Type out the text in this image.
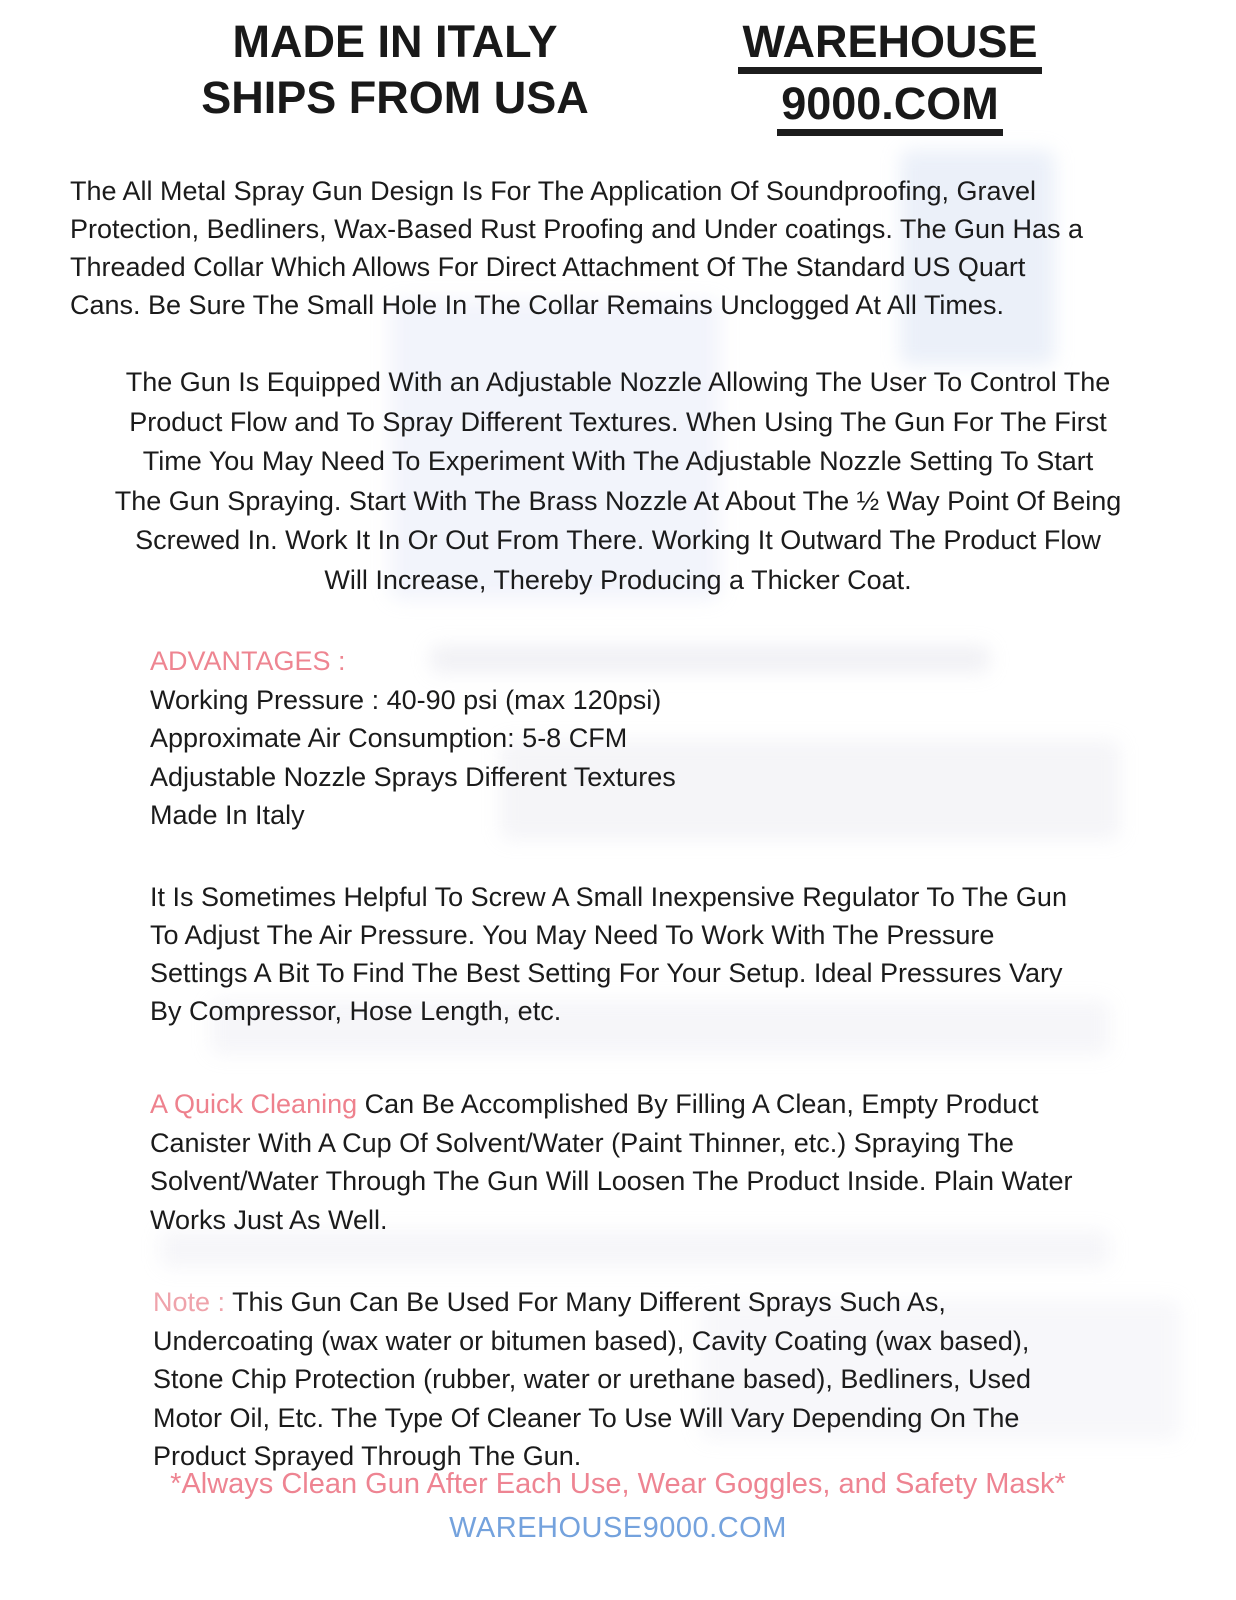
MADE IN ITALY
SHIPS FROM USA
WAREHOUSE
9000.COM
The All Metal Spray Gun Design Is For The Application Of Soundproofing, Gravel
Protection, Bedliners, Wax-Based Rust Proofing and Under coatings. The Gun Has a
Threaded Collar Which Allows For Direct Attachment Of The Standard US Quart
Cans. Be Sure The Small Hole In The Collar Remains Unclogged At All Times.
The Gun Is Equipped With an Adjustable Nozzle Allowing The User To Control The
Product Flow and To Spray Different Textures. When Using The Gun For The First
Time You May Need To Experiment With The Adjustable Nozzle Setting To Start
The Gun Spraying. Start With The Brass Nozzle At About The ½ Way Point Of Being
Screwed In. Work It In Or Out From There. Working It Outward The Product Flow
Will Increase, Thereby Producing a Thicker Coat.
ADVANTAGES :
Working Pressure : 40-90 psi (max 120psi)
Approximate Air Consumption: 5-8 CFM
Adjustable Nozzle Sprays Different Textures
Made In Italy
It Is Sometimes Helpful To Screw A Small Inexpensive Regulator To The Gun
To Adjust The Air Pressure. You May Need To Work With The Pressure
Settings A Bit To Find The Best Setting For Your Setup. Ideal Pressures Vary
By Compressor, Hose Length, etc.
A Quick Cleaning Can Be Accomplished By Filling A Clean, Empty Product
Canister With A Cup Of Solvent/Water (Paint Thinner, etc.) Spraying The
Solvent/Water Through The Gun Will Loosen The Product Inside. Plain Water
Works Just As Well.
Note : This Gun Can Be Used For Many Different Sprays Such As,
Undercoating (wax water or bitumen based), Cavity Coating (wax based),
Stone Chip Protection (rubber, water or urethane based), Bedliners, Used
Motor Oil, Etc. The Type Of Cleaner To Use Will Vary Depending On The
Product Sprayed Through The Gun.
*Always Clean Gun After Each Use, Wear Goggles, and Safety Mask*
WAREHOUSE9000.COM
